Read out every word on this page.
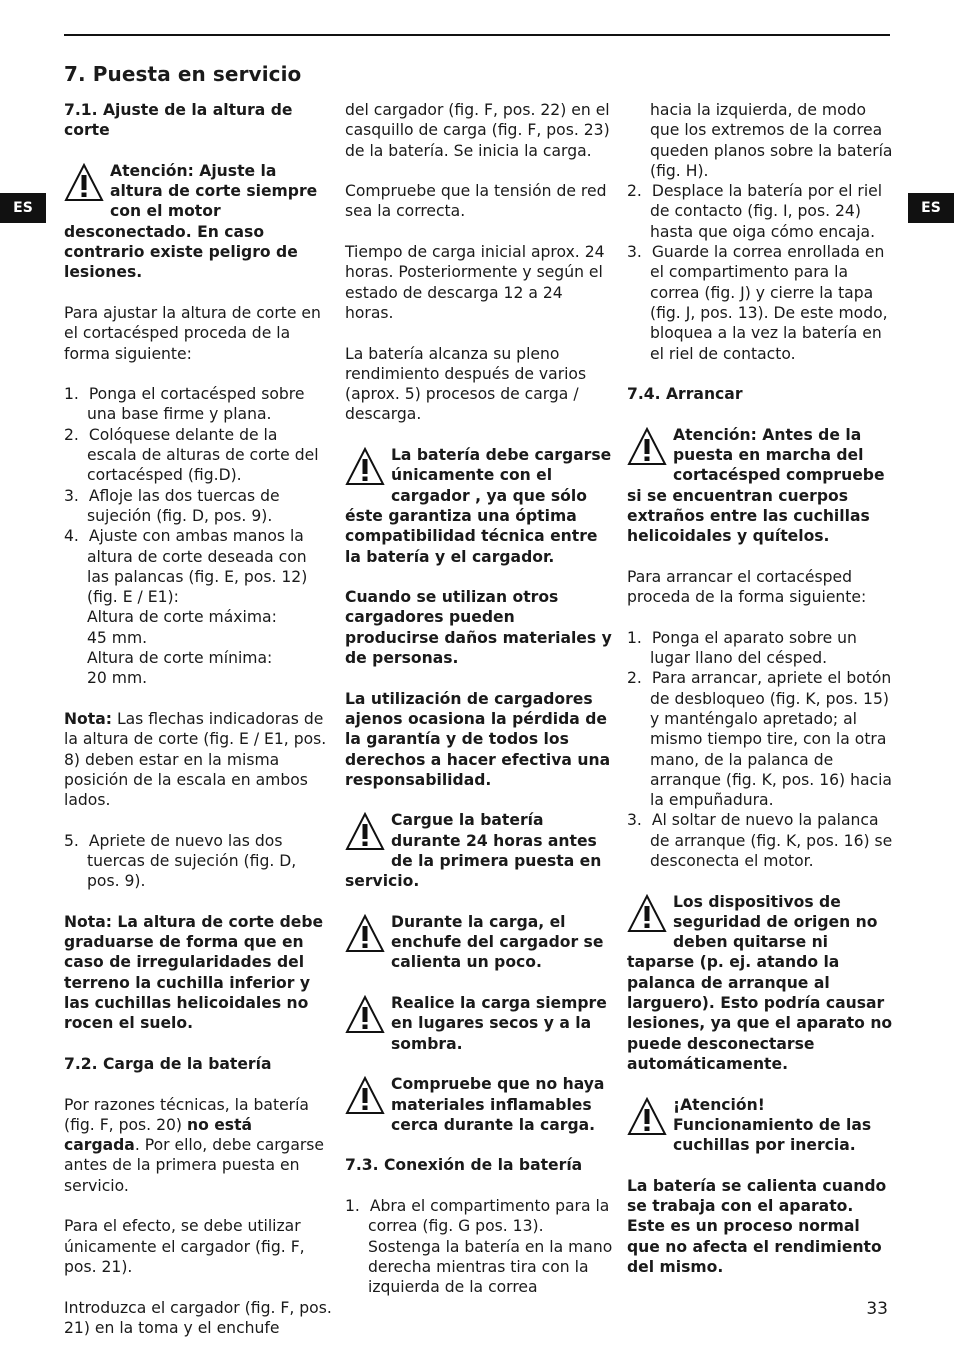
ES	ES
7. Puesta en servicio
7.1. Ajuste de la altura de corte
Atención: Ajuste la altura de corte siempre con el motor desconectado. En caso contrario existe peligro de lesiones.

Para ajustar la altura de corte en el cortacésped proceda de la forma siguiente:

1. Ponga el cortacésped sobre una base firme y plana.
2. Colóquese delante de la escala de alturas de corte del cortacésped (fig.D).
3. Afloje las dos tuercas de sujeción (fig. D, pos. 9).
4. Ajuste con ambas manos la altura de corte deseada con las palancas (fig. E, pos. 12) (fig. E / E1):
Altura de corte máxima:
45 mm.
Altura de corte mínima:
20 mm.

Nota: Las flechas indicadoras de la altura de corte (fig. E / E1, pos. 8) deben estar en la misma posición de la escala en ambos lados.

5. Apriete de nuevo las dos tuercas de sujeción (fig. D, pos. 9).

Nota: La altura de corte debe graduarse de forma que en caso de irregularidades del terreno la cuchilla inferior y las cuchillas helicoidales no rocen el suelo.

7.2. Carga de la batería

Por razones técnicas, la batería (fig. F, pos. 20) no está cargada. Por ello, debe cargarse antes de la primera puesta en servicio.

Para el efecto, se debe utilizar únicamente el cargador (fig. F, pos. 21).

Introduzca el cargador (fig. F, pos. 21) en la toma y el enchufe

del cargador (fig. F, pos. 22) en el casquillo de carga (fig. F, pos. 23) de la batería. Se inicia la carga.

Compruebe que la tensión de red sea la correcta.

Tiempo de carga inicial aprox. 24 horas. Posteriormente y según el estado de descarga 12 a 24 horas.

La batería alcanza su pleno rendimiento después de varios (aprox. 5) procesos de carga / descarga.

La batería debe cargarse únicamente con el cargador , ya que sólo éste garantiza una óptima compatibilidad técnica entre la batería y el cargador.

Cuando se utilizan otros cargadores pueden producirse daños materiales y de personas.

La utilización de cargadores ajenos ocasiona la pérdida de la garantía y de todos los derechos a hacer efectiva una responsabilidad.

Cargue la batería durante 24 horas antes de la primera puesta en servicio.
Durante la carga, el enchufe del cargador se calienta un poco.
Realice la carga siempre en lugares secos y a la sombra.
Compruebe que no haya materiales inflamables cerca durante la carga.
7.3. Conexión de la batería
1. Abra el compartimento para la correa (fig. G pos. 13). Sostenga la batería en la mano derecha mientras tira con la izquierda de la correa
hacia la izquierda, de modo que los extremos de la correa queden planos sobre la batería (fig. H).
2. Desplace la batería por el riel de contacto (fig. I, pos. 24) hasta que oiga cómo encaja.
3. Guarde la correa enrollada en el compartimento para la correa (fig. J) y cierre la tapa (fig. J, pos. 13). De este modo, bloquea a la vez la batería en el riel de contacto.
7.4. Arrancar
Atención: Antes de la puesta en marcha del cortacésped compruebe si se encuentran cuerpos extraños entre las cuchillas helicoidales y quítelos.

Para arrancar el cortacésped proceda de la forma siguiente:

1. Ponga el aparato sobre un lugar llano del césped.
2. Para arrancar, apriete el botón de desbloqueo (fig. K, pos. 15) y manténgalo apretado; al mismo tiempo tire, con la otra mano, de la palanca de arranque (fig. K, pos. 16) hacia la empuñadura.
3. Al soltar de nuevo la palanca de arranque (fig. K, pos. 16) se desconecta el motor.
Los dispositivos de seguridad de origen no deben quitarse ni taparse (p. ej. atando la palanca de arranque al larguero). Esto podría causar lesiones, ya que el aparato no puede desconectarse automáticamente.
¡Atención! Funcionamiento de las cuchillas por inercia.

La batería se calienta cuando se trabaja con el aparato. Este es un proceso normal que no afecta el rendimiento del mismo.

33
